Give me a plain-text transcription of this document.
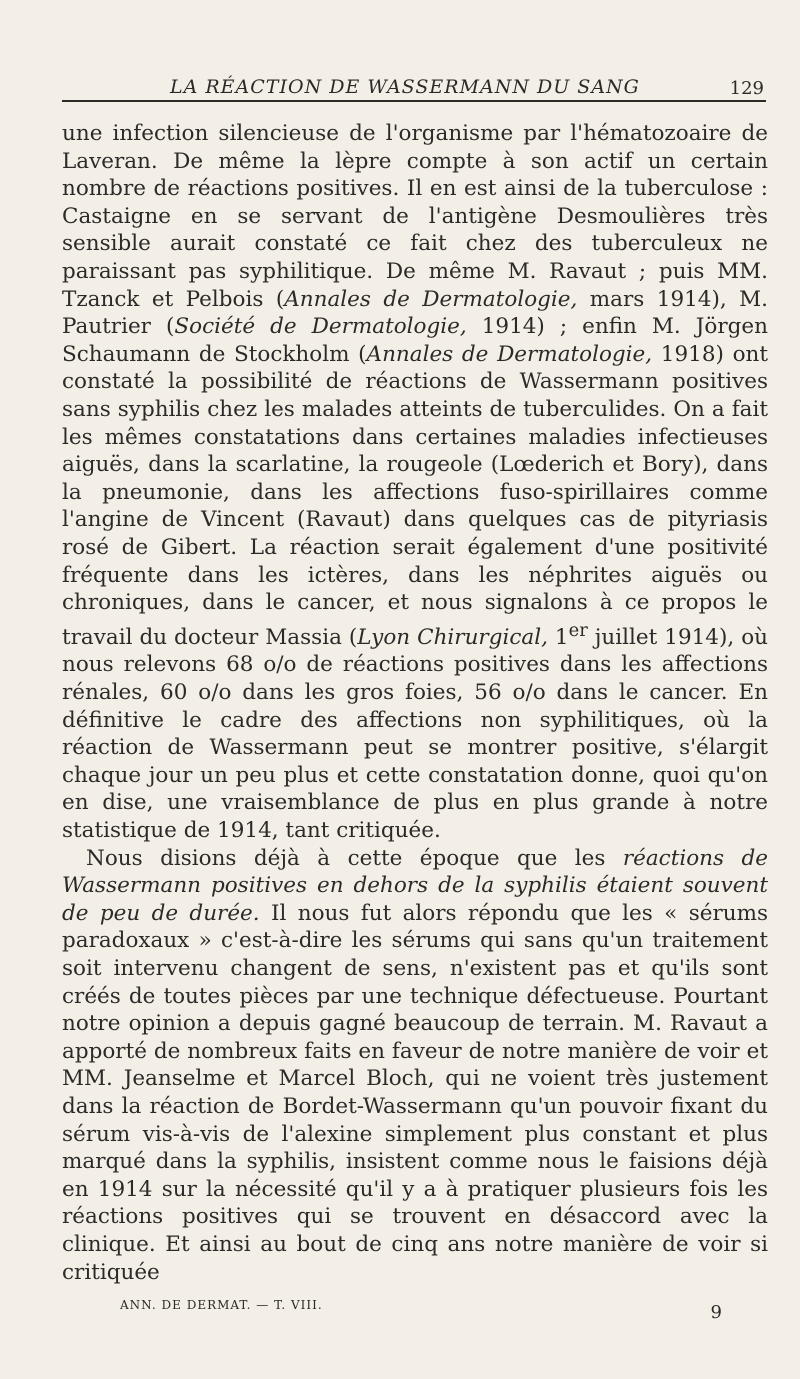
LA RÉACTION DE WASSERMANN DU SANG	129

une infection silencieuse de l'organisme par l'hématozoaire de Laveran. De même la lèpre compte à son actif un certain nombre de réactions positives. Il en est ainsi de la tuberculose : Castaigne en se servant de l'antigène Desmoulières très sensible aurait constaté ce fait chez des tuberculeux ne paraissant pas syphilitique. De même M. Ravaut ; puis MM. Tzanck et Pelbois (Annales de Dermatologie, mars 1914), M. Pautrier (Société de Dermatologie, 1914) ; enfin M. Jörgen Schaumann de Stockholm (Annales de Dermatologie, 1918) ont constaté la possibilité de réactions de Wassermann positives sans syphilis chez les malades atteints de tuberculides. On a fait les mêmes constatations dans certaines maladies infectieuses aiguës, dans la scarlatine, la rougeole (Lœderich et Bory), dans la pneumonie, dans les affections fuso-spirillaires comme l'angine de Vincent (Ravaut) dans quelques cas de pityriasis rosé de Gibert. La réaction serait également d'une positivité fréquente dans les ictères, dans les néphrites aiguës ou chroniques, dans le cancer, et nous signalons à ce propos le travail du docteur Massia (Lyon Chirurgical, 1er juillet 1914), où nous relevons 68 o/o de réactions positives dans les affections rénales, 60 o/o dans les gros foies, 56 o/o dans le cancer. En définitive le cadre des affections non syphilitiques, où la réaction de Wassermann peut se montrer positive, s'élargit chaque jour un peu plus et cette constatation donne, quoi qu'on en dise, une vraisemblance de plus en plus grande à notre statistique de 1914, tant critiquée.

Nous disions déjà à cette époque que les réactions de Wassermann positives en dehors de la syphilis étaient souvent de peu de durée. Il nous fut alors répondu que les « sérums paradoxaux » c'est-à-dire les sérums qui sans qu'un traitement soit intervenu changent de sens, n'existent pas et qu'ils sont créés de toutes pièces par une technique défectueuse. Pourtant notre opinion a depuis gagné beaucoup de terrain. M. Ravaut a apporté de nombreux faits en faveur de notre manière de voir et MM. Jeanselme et Marcel Bloch, qui ne voient très justement dans la réaction de Bordet-Wassermann qu'un pouvoir fixant du sérum vis-à-vis de l'alexine simplement plus constant et plus marqué dans la syphilis, insistent comme nous le faisions déjà en 1914 sur la nécessité qu'il y a à pratiquer plusieurs fois les réactions positives qui se trouvent en désaccord avec la clinique. Et ainsi au bout de cinq ans notre manière de voir si critiquée

ANN. DE DERMAT. — T. VIII.	9
